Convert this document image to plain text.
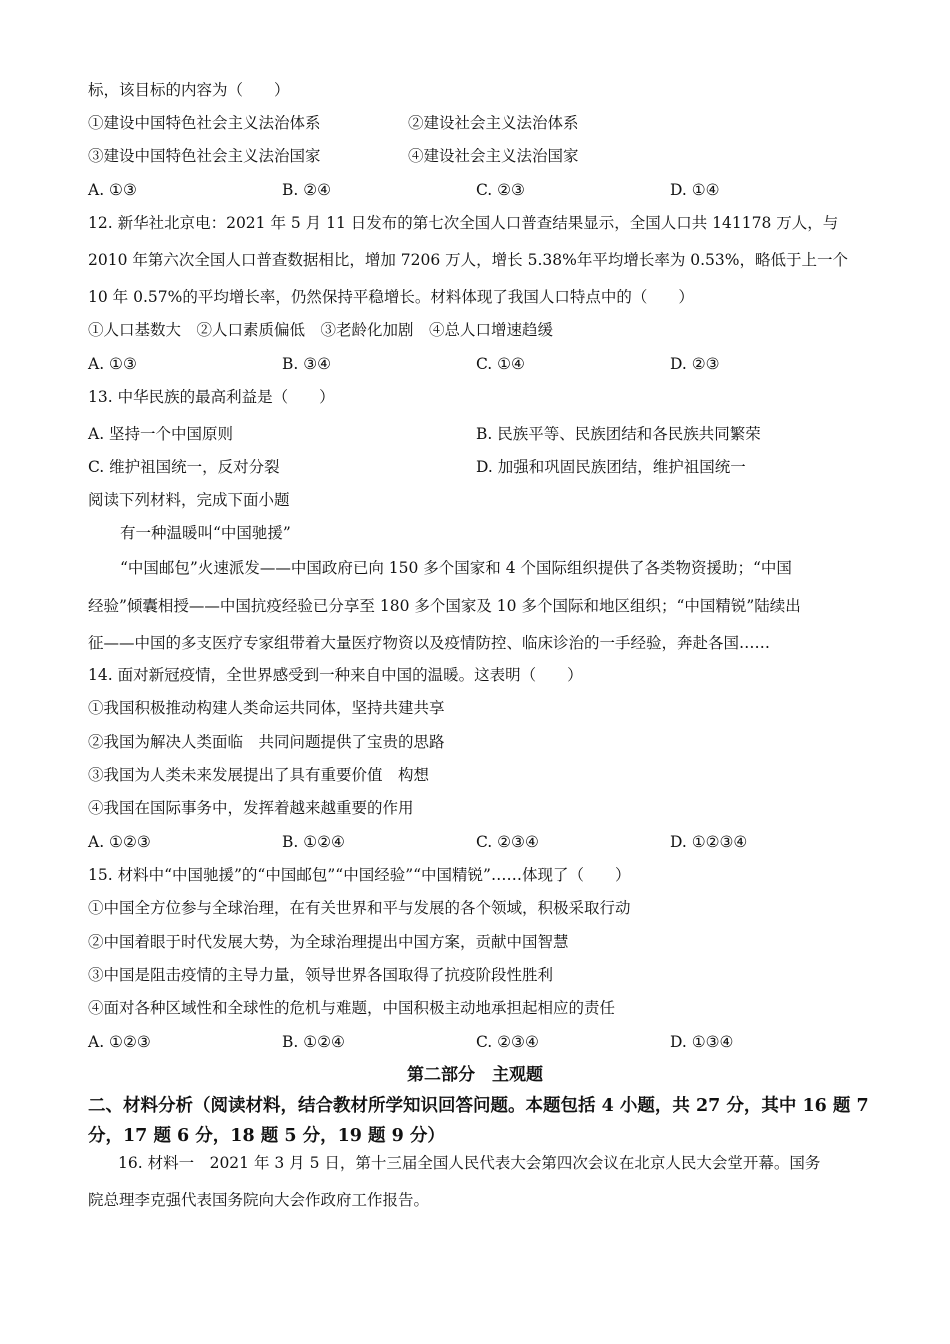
标，该目标的内容为（　　）
①建设中国特色社会主义法治体系	②建设社会主义法治体系
③建设中国特色社会主义法治国家	④建设社会主义法治国家
A. ①③	B. ②④	C. ②③	D. ①④
12. 新华社北京电：2021 年 5 月 11 日发布的第七次全国人口普查结果显示，全国人口共 141178 万人，与
2010 年第六次全国人口普查数据相比，增加 7206 万人，增长 5.38%年平均增长率为 0.53%，略低于上一个
10 年 0.57%的平均增长率，仍然保持平稳增长。材料体现了我国人口特点中的（　　）
①人口基数大　②人口素质偏低　③老龄化加剧　④总人口增速趋缓
A. ①③	B. ③④	C. ①④	D. ②③
13. 中华民族的最高利益是（　　）
A. 坚持一个中国原则	B. 民族平等、民族团结和各民族共同繁荣
C. 维护祖国统一，反对分裂	D. 加强和巩固民族团结，维护祖国统一
阅读下列材料，完成下面小题
有一种温暖叫“中国驰援”
“中国邮包”火速派发——中国政府已向 150 多个国家和 4 个国际组织提供了各类物资援助；“中国
经验”倾囊相授——中国抗疫经验已分享至 180 多个国家及 10 多个国际和地区组织；“中国精锐”陆续出
征——中国的多支医疗专家组带着大量医疗物资以及疫情防控、临床诊治的一手经验，奔赴各国……
14. 面对新冠疫情，全世界感受到一种来自中国的温暖。这表明（　　）
①我国积极推动构建人类命运共同体，坚持共建共享
②我国为解决人类面临　共同问题提供了宝贵的思路
③我国为人类未来发展提出了具有重要价值　构想
④我国在国际事务中，发挥着越来越重要的作用
A. ①②③	B. ①②④	C. ②③④	D. ①②③④
15. 材料中“中国驰援”的“中国邮包”“中国经验”“中国精锐”……体现了（　　）
①中国全方位参与全球治理，在有关世界和平与发展的各个领域，积极采取行动
②中国着眼于时代发展大势，为全球治理提出中国方案，贡献中国智慧
③中国是阻击疫情的主导力量，领导世界各国取得了抗疫阶段性胜利
④面对各种区域性和全球性的危机与难题，中国积极主动地承担起相应的责任
A. ①②③	B. ①②④	C. ②③④	D. ①③④
第二部分　主观题
二、材料分析（阅读材料，结合教材所学知识回答问题。本题包括 4 小题，共 27 分，其中 16 题 7 分，17 题 6 分，18 题 5 分，19 题 9 分）
16. 材料一　2021 年 3 月 5 日，第十三届全国人民代表大会第四次会议在北京人民大会堂开幕。国务
院总理李克强代表国务院向大会作政府工作报告。
